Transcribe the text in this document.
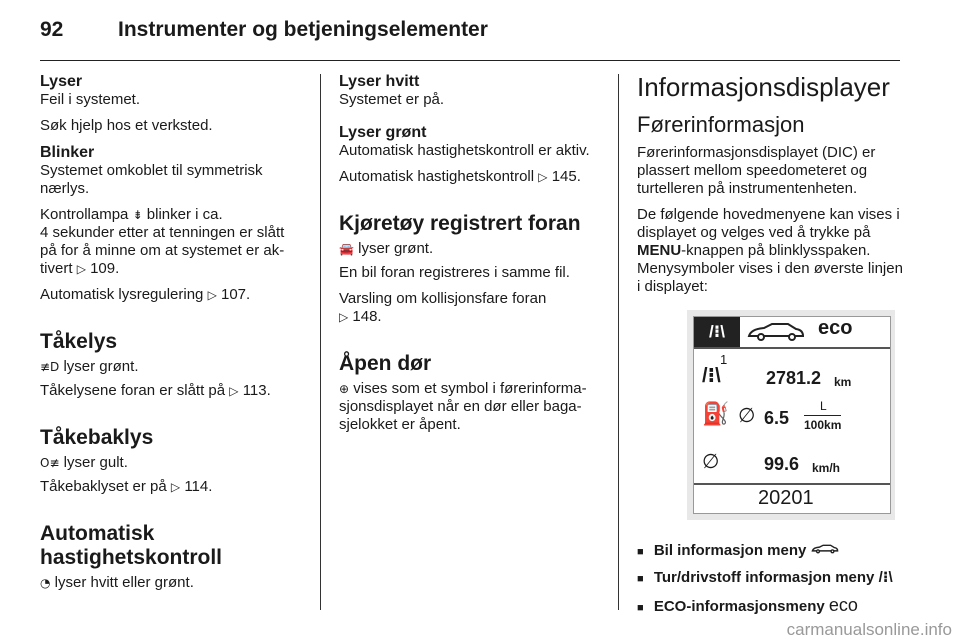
92	Instrumenter og betjeningselementer
Lyser

Feil i systemet.

Søk hjelp hos et verksted.

Blinker

Systemet omkoblet til symmetrisk nærlys.

Kontrollampa ⇟ blinker i ca.
4 sekunder etter at tenningen er slått på for å minne om at systemet er aktivert ▷ 109.

Automatisk lysregulering ▷ 107.

Tåkelys

≢D lyser grønt.

Tåkelysene foran er slått på ▷ 113.

Tåkebaklys

O≢ lyser gult.

Tåkebaklyset er på ▷ 114.

Automatisk hastighetskontroll

◔ lyser hvitt eller grønt.

Lyser hvitt

Systemet er på.

Lyser grønt

Automatisk hastighetskontroll er aktiv.

Automatisk hastighetskontroll ▷ 145.

Kjøretøy registrert foran

🚘 lyser grønt.

En bil foran registreres i samme fil.

Varsling om kollisjonsfare foran
▷ 148.

Åpen dør

⊕ vises som et symbol i førerinformasjonsdisplayet når en dør eller bagasjelokket er åpent.

Informasjonsdisplayer
Førerinformasjon

Førerinformasjonsdisplayet (DIC) er plassert mellom speedometeret og turtelleren på instrumentenheten.

De følgende hovedmenyene kan vises i displayet og velges ved å trykke på MENU-knappen på blinklysspaken. Menysymboler vises i den øverste linjen i displayet:

/⁝\	eco
1
/⁝\	2781.2 km
⛽ ∅ 6.5
L
100km
∅ 99.6 km/h
20201
■ Bil informasjon meny
■ Tur/drivstoff informasjon meny /⁝\
■ ECO-informasjonsmeny eco
carmanualsonline.info
